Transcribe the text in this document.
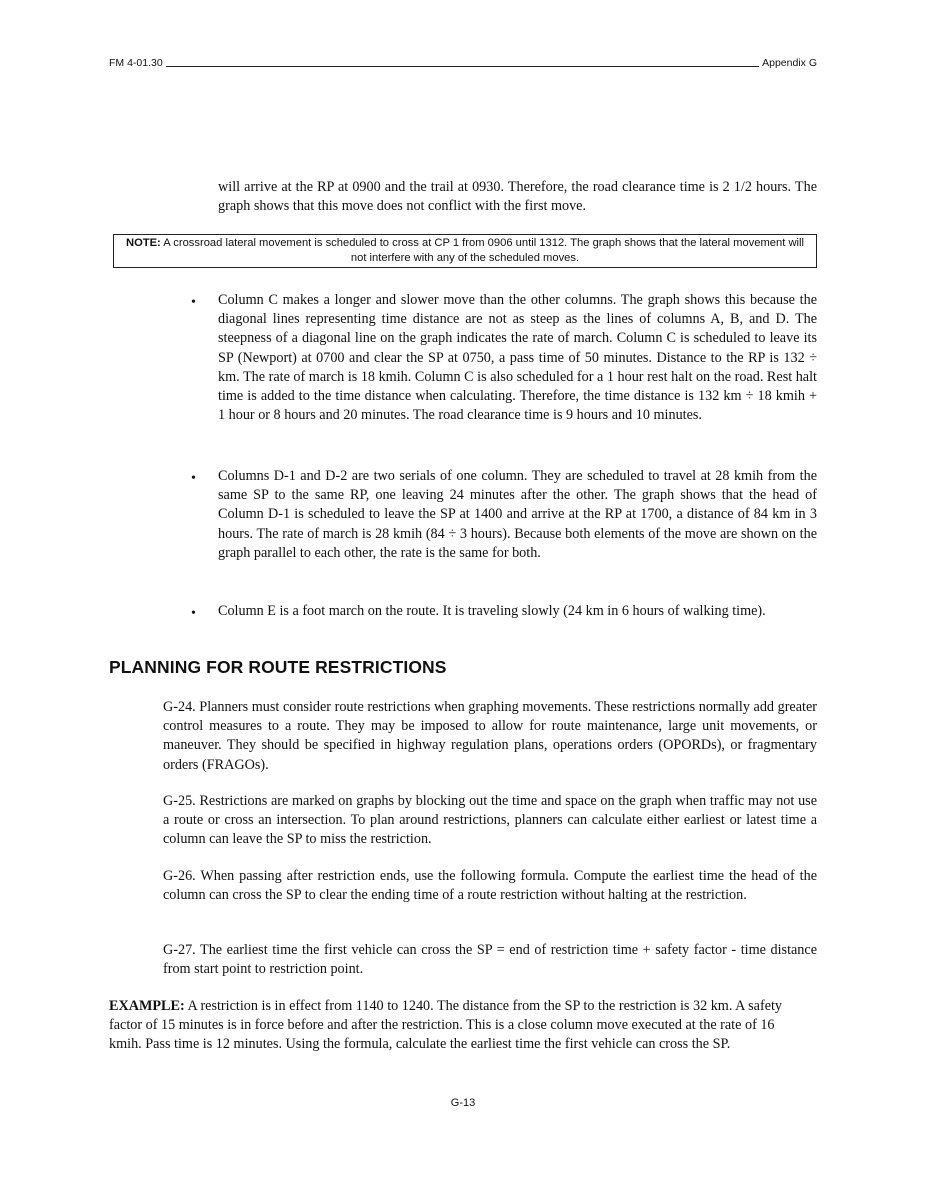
FM 4-01.30	Appendix G
will arrive at the RP at 0900 and the trail at 0930. Therefore, the road clearance time is 2 1/2 hours. The graph shows that this move does not conflict with the first move.
NOTE: A crossroad lateral movement is scheduled to cross at CP 1 from 0906 until 1312. The graph shows that the lateral movement will not interfere with any of the scheduled moves.
• Column C makes a longer and slower move than the other columns. The graph shows this because the diagonal lines representing time distance are not as steep as the lines of columns A, B, and D. The steepness of a diagonal line on the graph indicates the rate of march. Column C is scheduled to leave its SP (Newport) at 0700 and clear the SP at 0750, a pass time of 50 minutes. Distance to the RP is 132 ÷ km. The rate of march is 18 kmih. Column C is also scheduled for a 1 hour rest halt on the road. Rest halt time is added to the time distance when calculating. Therefore, the time distance is 132 km ÷ 18 kmih + 1 hour or 8 hours and 20 minutes. The road clearance time is 9 hours and 10 minutes.
• Columns D-1 and D-2 are two serials of one column. They are scheduled to travel at 28 kmih from the same SP to the same RP, one leaving 24 minutes after the other. The graph shows that the head of Column D-1 is scheduled to leave the SP at 1400 and arrive at the RP at 1700, a distance of 84 km in 3 hours. The rate of march is 28 kmih (84 ÷ 3 hours). Because both elements of the move are shown on the graph parallel to each other, the rate is the same for both.
• Column E is a foot march on the route. It is traveling slowly (24 km in 6 hours of walking time).
PLANNING FOR ROUTE RESTRICTIONS
G-24. Planners must consider route restrictions when graphing movements. These restrictions normally add greater control measures to a route. They may be imposed to allow for route maintenance, large unit movements, or maneuver. They should be specified in highway regulation plans, operations orders (OPORDs), or fragmentary orders (FRAGOs).
G-25. Restrictions are marked on graphs by blocking out the time and space on the graph when traffic may not use a route or cross an intersection. To plan around restrictions, planners can calculate either earliest or latest time a column can leave the SP to miss the restriction.
G-26. When passing after restriction ends, use the following formula. Compute the earliest time the head of the column can cross the SP to clear the ending time of a route restriction without halting at the restriction.
G-27. The earliest time the first vehicle can cross the SP = end of restriction time + safety factor - time distance from start point to restriction point.
EXAMPLE: A restriction is in effect from 1140 to 1240. The distance from the SP to the restriction is 32 km. A safety factor of 15 minutes is in force before and after the restriction. This is a close column move executed at the rate of 16 kmih. Pass time is 12 minutes. Using the formula, calculate the earliest time the first vehicle can cross the SP.
G-13
